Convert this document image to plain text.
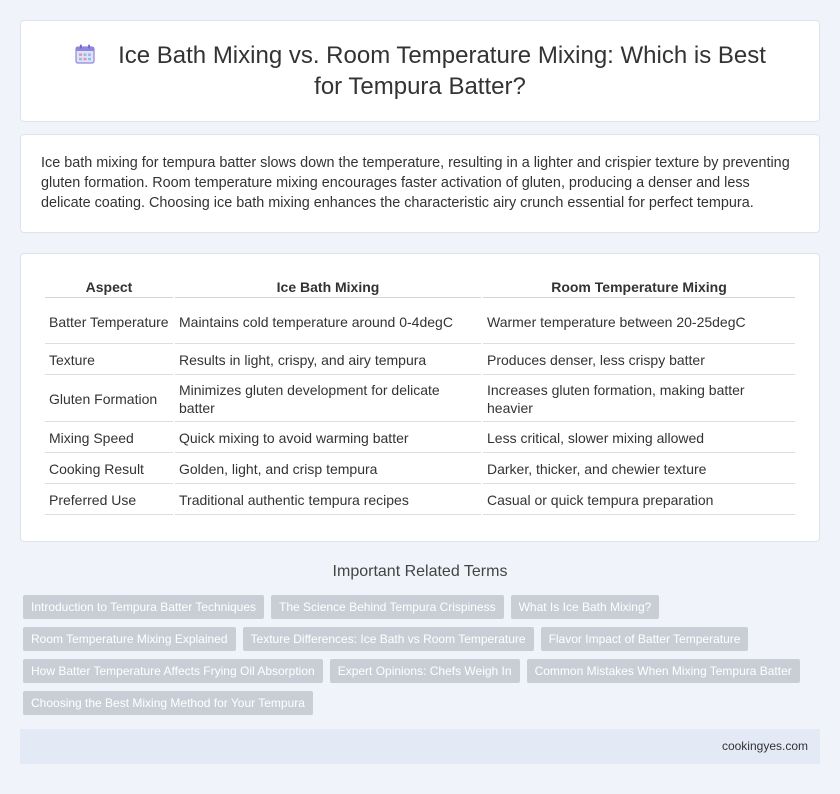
Ice Bath Mixing vs. Room Temperature Mixing: Which is Best for Tempura Batter?

Ice bath mixing for tempura batter slows down the temperature, resulting in a lighter and crispier texture by preventing gluten formation. Room temperature mixing encourages faster activation of gluten, producing a denser and less delicate coating. Choosing ice bath mixing enhances the characteristic airy crunch essential for perfect tempura.

Aspect	Ice Bath Mixing	Room Temperature Mixing
Batter Temperature	Maintains cold temperature around 0-4degC	Warmer temperature between 20-25degC
Texture	Results in light, crispy, and airy tempura	Produces denser, less crispy batter
Gluten Formation	Minimizes gluten development for delicate batter	Increases gluten formation, making batter heavier
Mixing Speed	Quick mixing to avoid warming batter	Less critical, slower mixing allowed
Cooking Result	Golden, light, and crisp tempura	Darker, thicker, and chewier texture
Preferred Use	Traditional authentic tempura recipes	Casual or quick tempura preparation
Important Related Terms
Introduction to Tempura Batter Techniques	The Science Behind Tempura Crispiness	What Is Ice Bath Mixing?
Room Temperature Mixing Explained	Texture Differences: Ice Bath vs Room Temperature	Flavor Impact of Batter Temperature
How Batter Temperature Affects Frying Oil Absorption	Expert Opinions: Chefs Weigh In	Common Mistakes When Mixing Tempura Batter
Choosing the Best Mixing Method for Your Tempura
cookingyes.com
